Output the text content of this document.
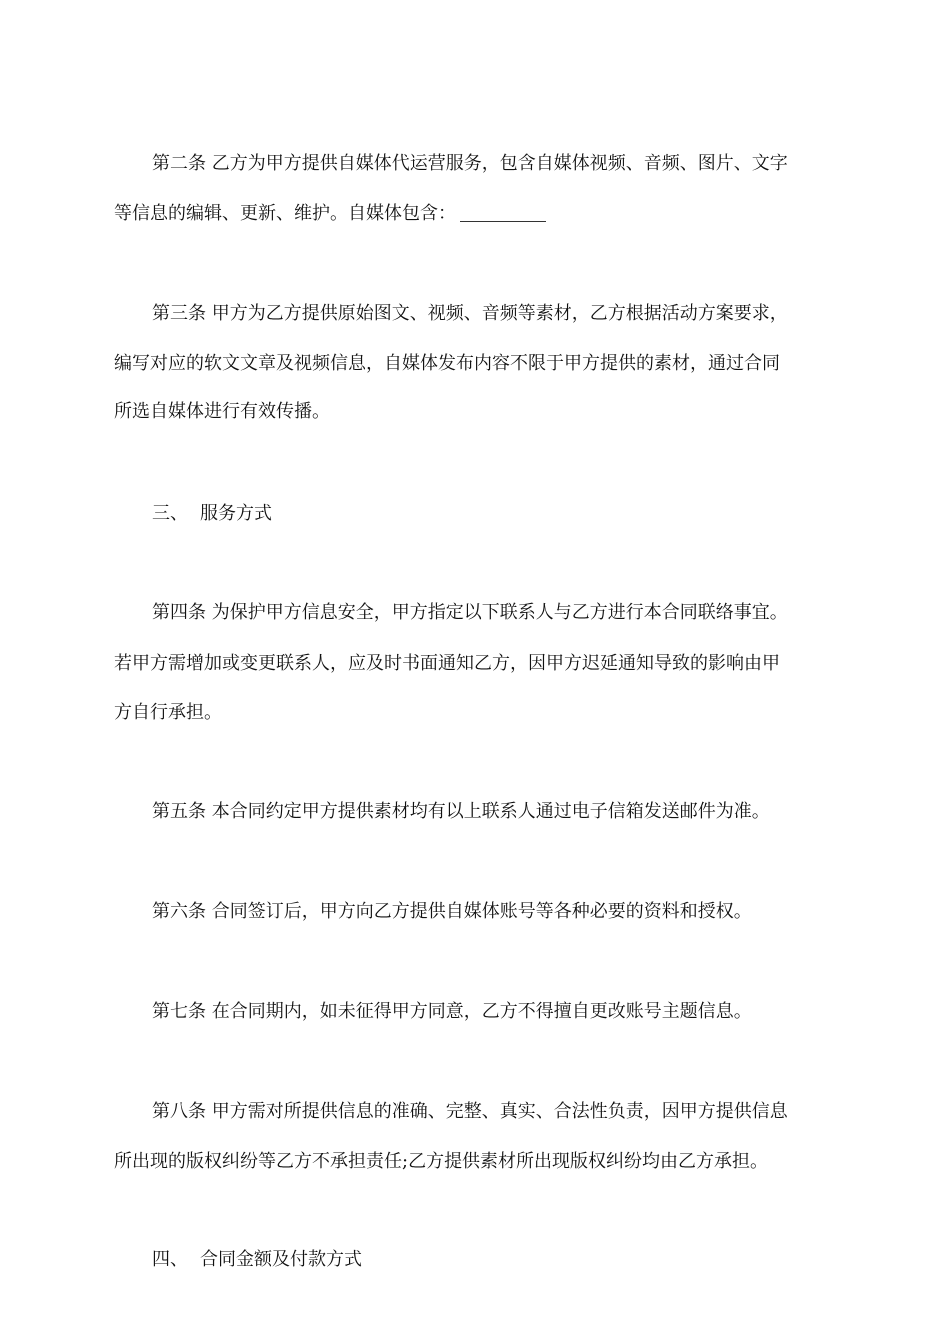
第二条 乙方为甲方提供自媒体代运营服务，包含自媒体视频、音频、图片、文字
等信息的编辑、更新、维护。自媒体包含：
第三条 甲方为乙方提供原始图文、视频、音频等素材，乙方根据活动方案要求，
编写对应的软文文章及视频信息，自媒体发布内容不限于甲方提供的素材，通过合同
所选自媒体进行有效传播。
三、 服务方式
第四条 为保护甲方信息安全，甲方指定以下联系人与乙方进行本合同联络事宜。
若甲方需增加或变更联系人，应及时书面通知乙方，因甲方迟延通知导致的影响由甲
方自行承担。
第五条 本合同约定甲方提供素材均有以上联系人通过电子信箱发送邮件为准。
第六条 合同签订后，甲方向乙方提供自媒体账号等各种必要的资料和授权。
第七条 在合同期内，如未征得甲方同意，乙方不得擅自更改账号主题信息。
第八条 甲方需对所提供信息的准确、完整、真实、合法性负责，因甲方提供信息
所出现的版权纠纷等乙方不承担责任;乙方提供素材所出现版权纠纷均由乙方承担。
四、 合同金额及付款方式
